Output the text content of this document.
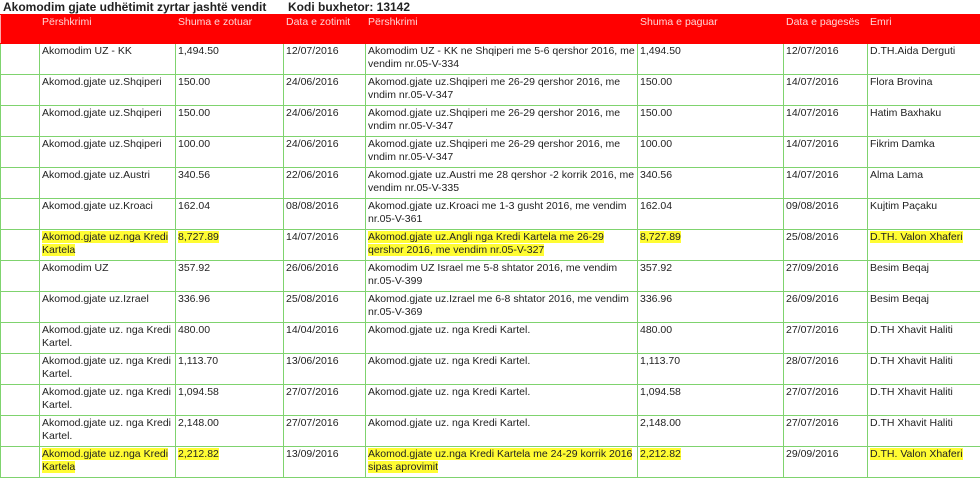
Akomodim gjate udhëtimit zyrtar jashtë vendit Kodi buxhetor: 13142
	Përshkrimi	Shuma e zotuar	Data e zotimit	Përshkrimi	Shuma e paguar	Data e pagesës	Emri
	Akomodim UZ - KK	1,494.50	12/07/2016	Akomodim UZ - KK ne Shqiperi me 5-6 qershor 2016, me vendim nr.05-V-334	1,494.50	12/07/2016	D.TH.Aida Derguti
	Akomod.gjate uz.Shqiperi	150.00	24/06/2016	Akomod.gjate uz.Shqiperi me 26-29 qershor 2016, me vndim nr.05-V-347	150.00	14/07/2016	Flora Brovina
	Akomod.gjate uz.Shqiperi	150.00	24/06/2016	Akomod.gjate uz.Shqiperi me 26-29 qershor 2016, me vndim nr.05-V-347	150.00	14/07/2016	Hatim Baxhaku
	Akomod.gjate uz.Shqiperi	100.00	24/06/2016	Akomod.gjate uz.Shqiperi me 26-29 qershor 2016, me vndim nr.05-V-347	100.00	14/07/2016	Fikrim Damka
	Akomod.gjate uz.Austri	340.56	22/06/2016	Akomod.gjate uz.Austri me 28 qershor -2 korrik 2016, me vendim nr.05-V-335	340.56	14/07/2016	Alma Lama
	Akomod.gjate uz.Kroaci	162.04	08/08/2016	Akomod.gjate uz.Kroaci me 1-3 gusht 2016, me vendim nr.05-V-361	162.04	09/08/2016	Kujtim Paçaku
	Akomod.gjate uz.nga Kredi Kartela	8,727.89	14/07/2016	Akomod.gjate uz.Angli nga Kredi Kartela me 26-29 qershor 2016, me vendim nr.05-V-327	8,727.89	25/08/2016	D.TH. Valon Xhaferi
	Akomodim UZ	357.92	26/06/2016	Akomodim UZ Israel me 5-8 shtator 2016, me vendim nr.05-V-399	357.92	27/09/2016	Besim Beqaj
	Akomod.gjate uz.Izrael	336.96	25/08/2016	Akomod.gjate uz.Izrael me 6-8 shtator 2016, me vendim nr.05-V-369	336.96	26/09/2016	Besim Beqaj
	Akomod.gjate uz. nga Kredi Kartel.	480.00	14/04/2016	Akomod.gjate uz. nga Kredi Kartel.	480.00	27/07/2016	D.TH Xhavit Haliti
	Akomod.gjate uz. nga Kredi Kartel.	1,113.70	13/06/2016	Akomod.gjate uz. nga Kredi Kartel.	1,113.70	28/07/2016	D.TH Xhavit Haliti
	Akomod.gjate uz. nga Kredi Kartel.	1,094.58	27/07/2016	Akomod.gjate uz. nga Kredi Kartel.	1,094.58	27/07/2016	D.TH Xhavit Haliti
	Akomod.gjate uz. nga Kredi Kartel.	2,148.00	27/07/2016	Akomod.gjate uz. nga Kredi Kartel.	2,148.00	27/07/2016	D.TH Xhavit Haliti
	Akomod.gjate uz.nga Kredi Kartela	2,212.82	13/09/2016	Akomod.gjate uz.nga Kredi Kartela me 24-29 korrik 2016 sipas aprovimit	2,212.82	29/09/2016	D.TH. Valon Xhaferi
